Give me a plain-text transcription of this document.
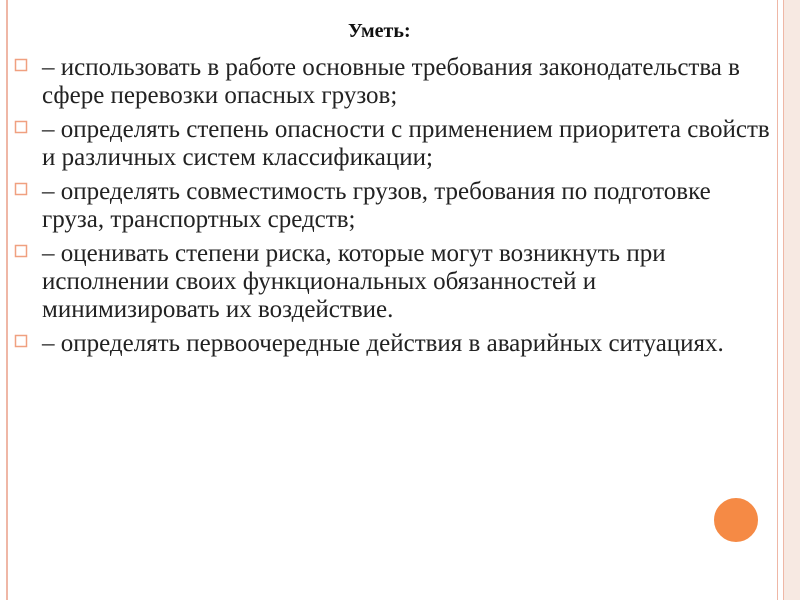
Уметь:
– использовать в работе основные требования законодательства в сфере перевозки опасных грузов;
– определять степень опасности с применением приоритета свойств и различных систем классификации;
– определять совместимость грузов, требования по подготовке груза, транспортных средств;
– оценивать степени риска, которые могут возникнуть при исполнении своих функциональных обязанностей и минимизировать их воздействие.
– определять первоочередные действия в аварийных ситуациях.
